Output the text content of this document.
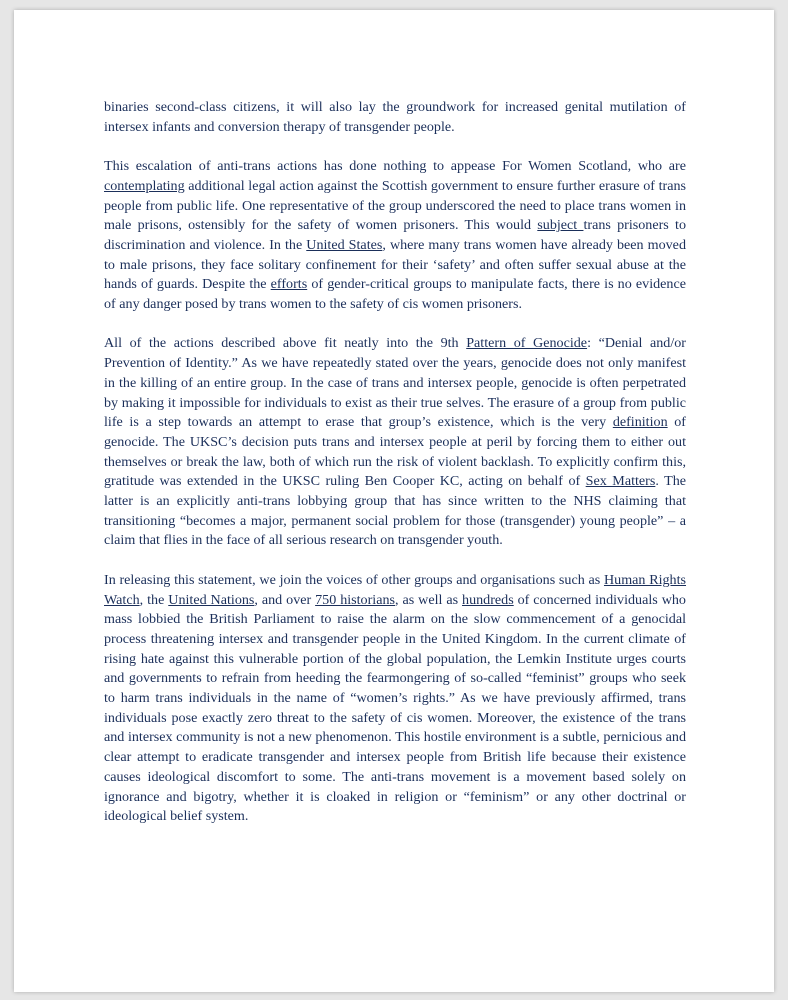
binaries second-class citizens, it will also lay the groundwork for increased genital mutilation of intersex infants and conversion therapy of transgender people.

This escalation of anti-trans actions has done nothing to appease For Women Scotland, who are contemplating additional legal action against the Scottish government to ensure further erasure of trans people from public life. One representative of the group underscored the need to place trans women in male prisons, ostensibly for the safety of women prisoners. This would subject trans prisoners to discrimination and violence. In the United States, where many trans women have already been moved to male prisons, they face solitary confinement for their ‘safety’ and often suffer sexual abuse at the hands of guards. Despite the efforts of gender-critical groups to manipulate facts, there is no evidence of any danger posed by trans women to the safety of cis women prisoners.

All of the actions described above fit neatly into the 9th Pattern of Genocide: “Denial and/or Prevention of Identity.” As we have repeatedly stated over the years, genocide does not only manifest in the killing of an entire group. In the case of trans and intersex people, genocide is often perpetrated by making it impossible for individuals to exist as their true selves. The erasure of a group from public life is a step towards an attempt to erase that group’s existence, which is the very definition of genocide. The UKSC’s decision puts trans and intersex people at peril by forcing them to either out themselves or break the law, both of which run the risk of violent backlash. To explicitly confirm this, gratitude was extended in the UKSC ruling Ben Cooper KC, acting on behalf of Sex Matters. The latter is an explicitly anti-trans lobbying group that has since written to the NHS claiming that transitioning “becomes a major, permanent social problem for those (transgender) young people” – a claim that flies in the face of all serious research on transgender youth.

In releasing this statement, we join the voices of other groups and organisations such as Human Rights Watch, the United Nations, and over 750 historians, as well as hundreds of concerned individuals who mass lobbied the British Parliament to raise the alarm on the slow commencement of a genocidal process threatening intersex and transgender people in the United Kingdom. In the current climate of rising hate against this vulnerable portion of the global population, the Lemkin Institute urges courts and governments to refrain from heeding the fearmongering of so-called “feminist” groups who seek to harm trans individuals in the name of “women’s rights.” As we have previously affirmed, trans individuals pose exactly zero threat to the safety of cis women. Moreover, the existence of the trans and intersex community is not a new phenomenon. This hostile environment is a subtle, pernicious and clear attempt to eradicate transgender and intersex people from British life because their existence causes ideological discomfort to some. The anti-trans movement is a movement based solely on ignorance and bigotry, whether it is cloaked in religion or “feminism” or any other doctrinal or ideological belief system.
